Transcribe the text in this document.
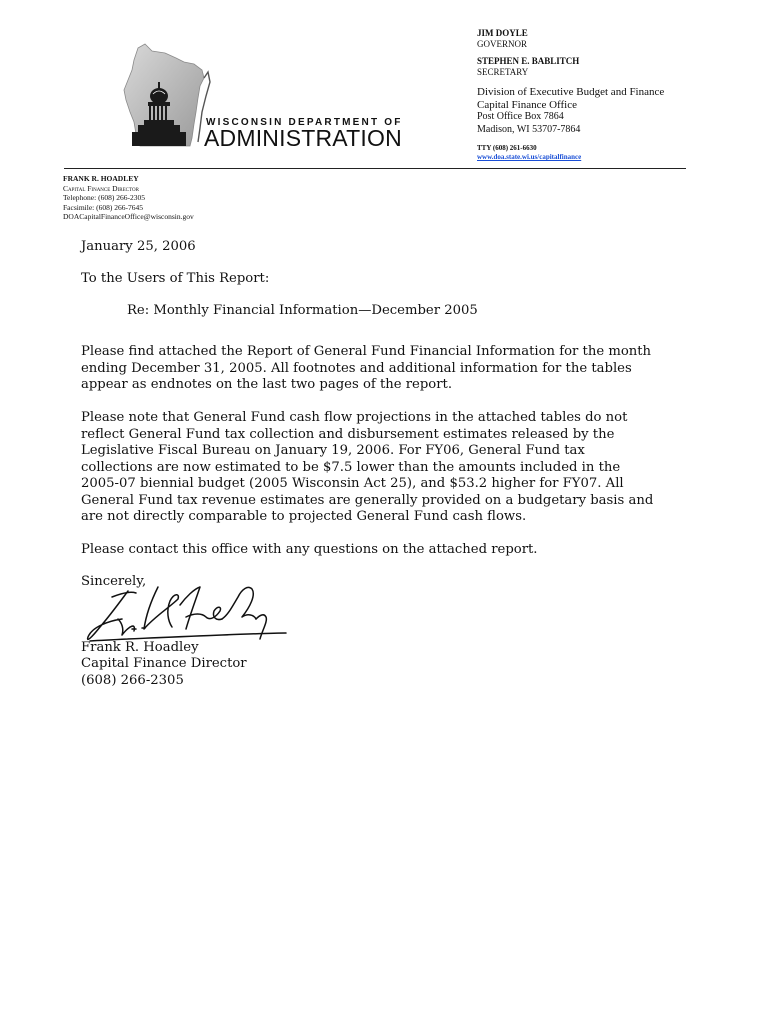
WISCONSIN DEPARTMENT OF
ADMINISTRATION
JIM DOYLE
GOVERNOR
STEPHEN E. BABLITCH
SECRETARY
Division of Executive Budget and Finance
Capital Finance Office
Post Office Box 7864
Madison, WI 53707-7864
TTY (608) 261-6630
www.doa.state.wi.us/capitalfinance
FRANK R. HOADLEY
Capital Finance Director
Telephone: (608) 266-2305
Facsimile: (608) 266-7645
DOACapitalFinanceOffice@wisconsin.gov
January 25, 2006
To the Users of This Report:
Re: Monthly Financial Information—December 2005
Please find attached the Report of General Fund Financial Information for the month
ending December 31, 2005. All footnotes and additional information for the tables
appear as endnotes on the last two pages of the report.
Please note that General Fund cash flow projections in the attached tables do not
reflect General Fund tax collection and disbursement estimates released by the
Legislative Fiscal Bureau on January 19, 2006. For FY06, General Fund tax
collections are now estimated to be $7.5 lower than the amounts included in the
2005-07 biennial budget (2005 Wisconsin Act 25), and $53.2 higher for FY07. All
General Fund tax revenue estimates are generally provided on a budgetary basis and
are not directly comparable to projected General Fund cash flows.
Please contact this office with any questions on the attached report.
Sincerely,
Frank R. Hoadley
Capital Finance Director
(608) 266-2305
